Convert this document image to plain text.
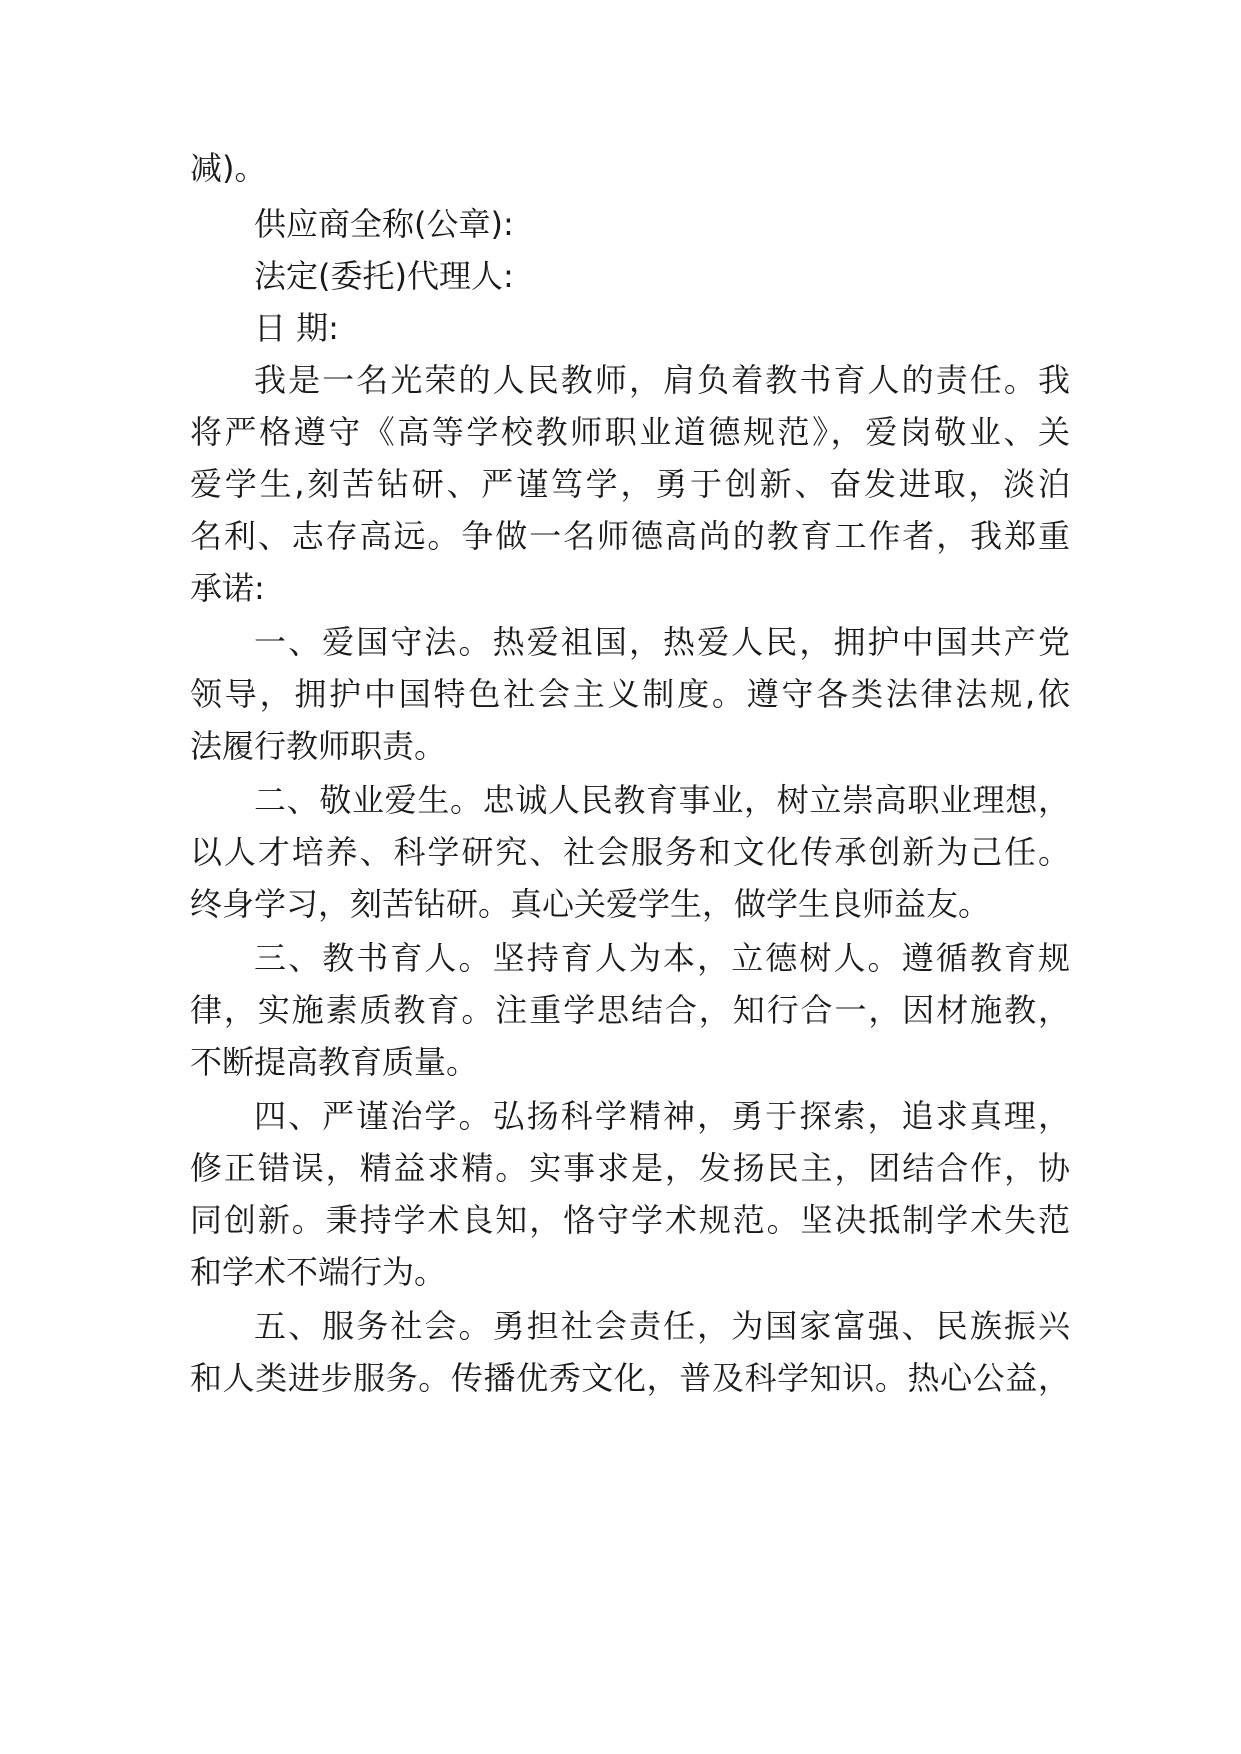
减)。
供应商全称(公章):
法定(委托)代理人:
日 期:
我是一名光荣的人民教师，肩负着教书育人的责任。我
将严格遵守《高等学校教师职业道德规范》，爱岗敬业、关
爱学生,刻苦钻研、严谨笃学，勇于创新、奋发进取，淡泊
名利、志存高远。争做一名师德高尚的教育工作者，我郑重
承诺:
一、爱国守法。热爱祖国，热爱人民，拥护中国共产党
领导，拥护中国特色社会主义制度。遵守各类法律法规,依
法履行教师职责。
二、敬业爱生。忠诚人民教育事业，树立崇高职业理想，
以人才培养、科学研究、社会服务和文化传承创新为己任。
终身学习，刻苦钻研。真心关爱学生，做学生良师益友。
三、教书育人。坚持育人为本，立德树人。遵循教育规
律，实施素质教育。注重学思结合，知行合一，因材施教，
不断提高教育质量。
四、严谨治学。弘扬科学精神，勇于探索，追求真理，
修正错误，精益求精。实事求是，发扬民主，团结合作，协
同创新。秉持学术良知，恪守学术规范。坚决抵制学术失范
和学术不端行为。
五、服务社会。勇担社会责任，为国家富强、民族振兴
和人类进步服务。传播优秀文化，普及科学知识。热心公益，
